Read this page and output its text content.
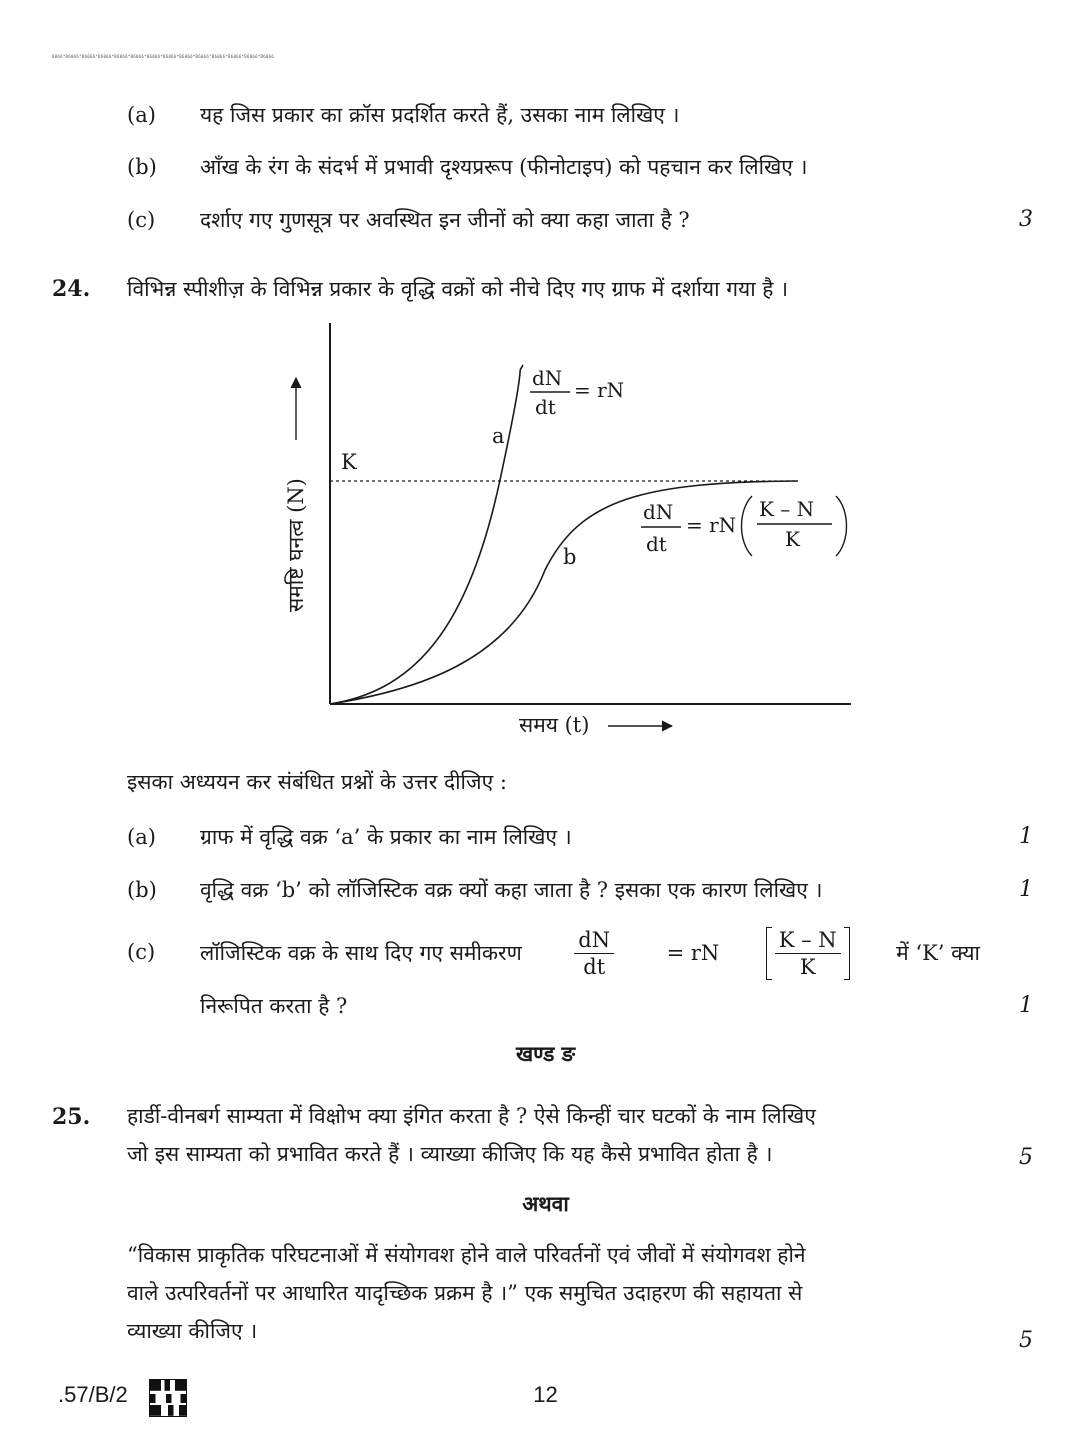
8066*B6066*B6066*B6066*B6066*B6066*B6066*B6066*B6066*B6066*B6066*B6066*B6066*B6066
(a) यह जिस प्रकार का क्रॉस प्रदर्शित करते हैं, उसका नाम लिखिए ।
(b) आँख के रंग के संदर्भ में प्रभावी दृश्यप्ररूप (फीनोटाइप) को पहचान कर लिखिए ।
(c) दर्शाए गए गुणसूत्र पर अवस्थित इन जीनों को क्या कहा जाता है ?	3
24. विभिन्न स्पीशीज़ के विभिन्न प्रकार के वृद्धि वक्रों को नीचे दिए गए ग्राफ में दर्शाया गया है ।
K
a
b
dN
dt
= rN
dN
dt
= rN
K – N
K
समष्टि घनत्व (N)
समय (t)
इसका अध्ययन कर संबंधित प्रश्नों के उत्तर दीजिए :
(a) ग्राफ में वृद्धि वक्र ‘a’ के प्रकार का नाम लिखिए ।	1
(b) वृद्धि वक्र ‘b’ को लॉजिस्टिक वक्र क्यों कहा जाता है ? इसका एक कारण लिखिए ।	1
(c) लॉजिस्टिक वक्र के साथ दिए गए समीकरण $\frac{dN}{dt}$ = rN	$\frac{K - N}{K}$	में ‘K’ क्या
निरूपित करता है ?	1
खण्ड ङ
25. हार्डी-वीनबर्ग साम्यता में विक्षोभ क्या इंगित करता है ? ऐसे किन्हीं चार घटकों के नाम लिखिए
जो इस साम्यता को प्रभावित करते हैं । व्याख्या कीजिए कि यह कैसे प्रभावित होता है ।	5
अथवा
“विकास प्राकृतिक परिघटनाओं में संयोगवश होने वाले परिवर्तनों एवं जीवों में संयोगवश होने
वाले उत्परिवर्तनों पर आधारित यादृच्छिक प्रक्रम है ।” एक समुचित उदाहरण की सहायता से
व्याख्या कीजिए ।	5
.57/B/2	12
